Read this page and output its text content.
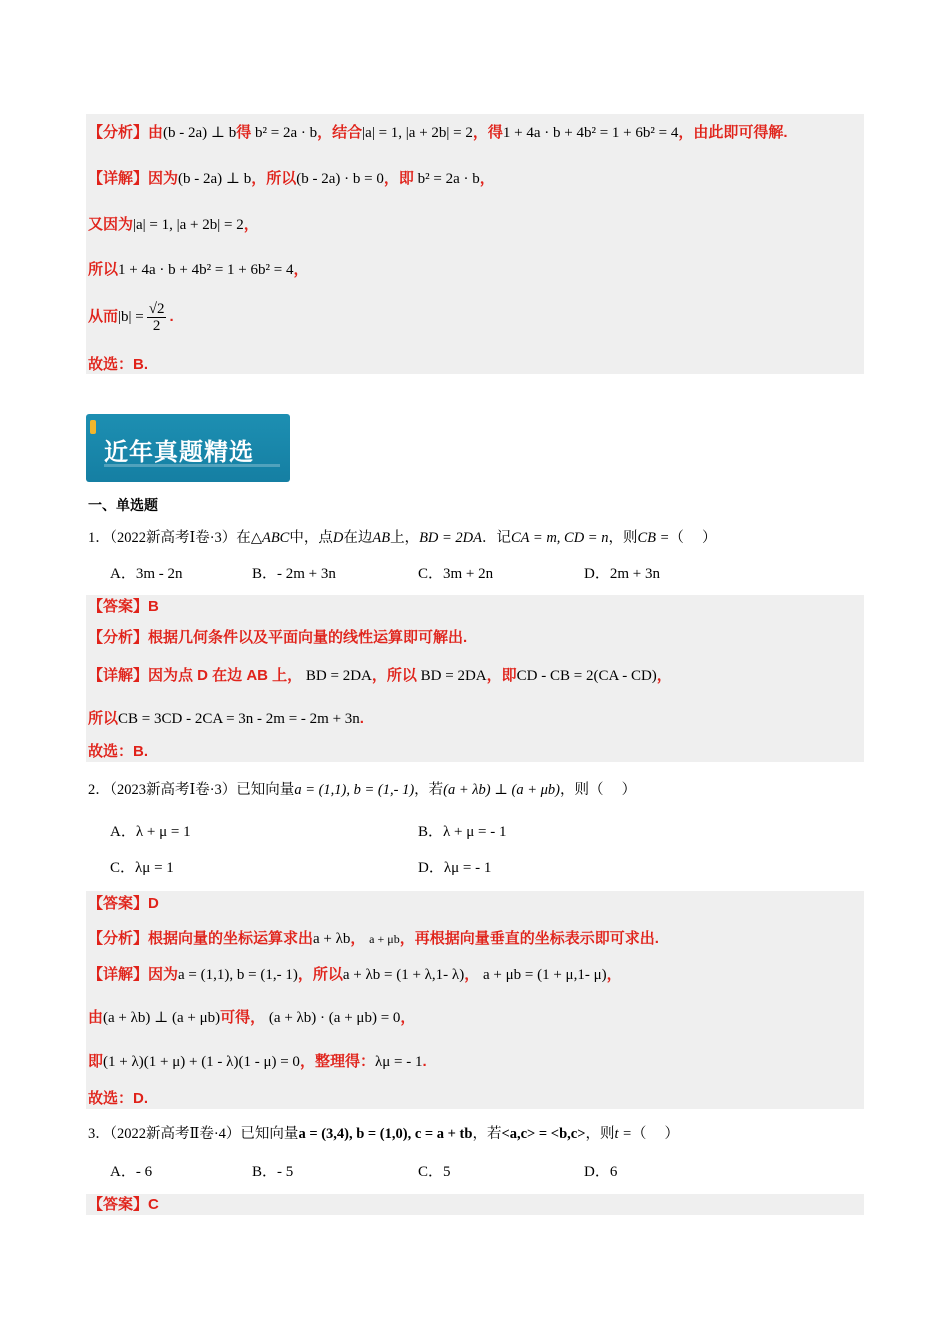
【分析】由(b - 2a) ⊥ b得 b² = 2a · b，结合|a| = 1, |a + 2b| = 2，得1 + 4a · b + 4b² = 1 + 6b² = 4，由此即可得解.
【详解】因为(b - 2a) ⊥ b，所以(b - 2a) · b = 0，即 b² = 2a · b，
又因为|a| = 1, |a + 2b| = 2，
所以1 + 4a · b + 4b² = 1 + 6b² = 4，
从而$|b| = \frac{√2}{2}$ .
故选：B.
近年真题精选
一、单选题
1．（2022新高考Ⅰ卷·3）在△ABC中，点D在边AB上，BD = 2DA．记CA = m, CD = n，则CB =（　 ）
A．3m - 2n	B．- 2m + 3n	C．3m + 2n	D．2m + 3n
【答案】B
【分析】根据几何条件以及平面向量的线性运算即可解出.
【详解】因为点 D 在边 AB 上， BD = 2DA，所以 BD = 2DA，即CD - CB = 2(CA - CD)，
所以CB = 3CD - 2CA = 3n - 2m = - 2m + 3n.
故选：B.
2．（2023新高考Ⅰ卷·3）已知向量a = (1,1), b = (1,- 1)，若(a + λb) ⊥ (a + μb)，则（　 ）
A．λ + μ = 1	B．λ + μ = - 1
C．λμ = 1	D．λμ = - 1
【答案】D
【分析】根据向量的坐标运算求出a + λb， a + μb，再根据向量垂直的坐标表示即可求出.
【详解】因为a = (1,1), b = (1,- 1)，所以a + λb = (1 + λ,1- λ)， a + μb = (1 + μ,1- μ)，
由(a + λb) ⊥ (a + μb)可得， (a + λb) · (a + μb) = 0，
即(1 + λ)(1 + μ) + (1 - λ)(1 - μ) = 0，整理得：λμ = - 1.
故选：D.
3．（2022新高考Ⅱ卷·4）已知向量a = (3,4), b = (1,0), c = a + tb，若<a,c> = <b,c>，则t =（　 ）
A．- 6	B．- 5	C．5	D．6
【答案】C
